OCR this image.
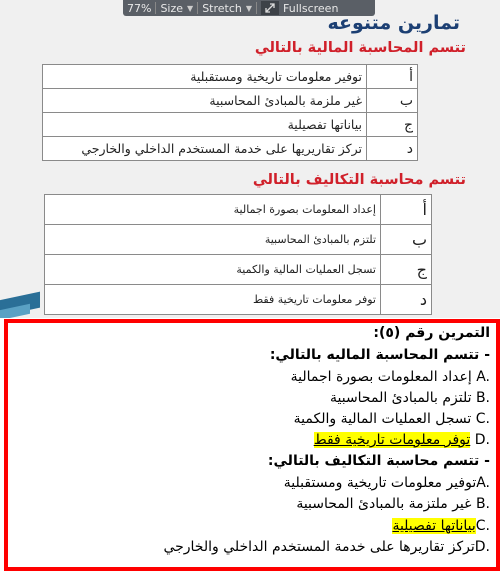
77% Size ▼ Stretch ▼	Fullscreen
تمارين متنوعه
تتسم المحاسبة المالية بالتالي
أ	توفير معلومات تاريخية ومستقبلية
ب	غير ملزمة بالمبادئ المحاسبية
ج	بياناتها تفصيلية
د	تركز تقاريريها على خدمة المستخدم الداخلي والخارجي
تتسم محاسبة التكاليف بالتالي
أ	إعداد المعلومات بصورة اجمالية
ب	تلتزم بالمبادئ المحاسبية
ج	تسجل العمليات المالية والكمية
د	توفر معلومات تاريخية فقط
التمرين رقم (٥):
- تتسم المحاسبة الماليه بالتالي:
A. إعداد المعلومات بصورة اجمالية
B. تلتزم بالمبادئ المحاسبية
C. تسجل العمليات المالية والكمية
D. توفر معلومات تاريخية فقط
- تتسم محاسبة التكاليف بالتالي:
A.توفير معلومات تاريخية ومستقبلية
B. غير ملتزمة بالمبادئ المحاسبية
C.بياناتها تفصيلية
D.تركز تقاريرها على خدمة المستخدم الداخلي والخارجي
